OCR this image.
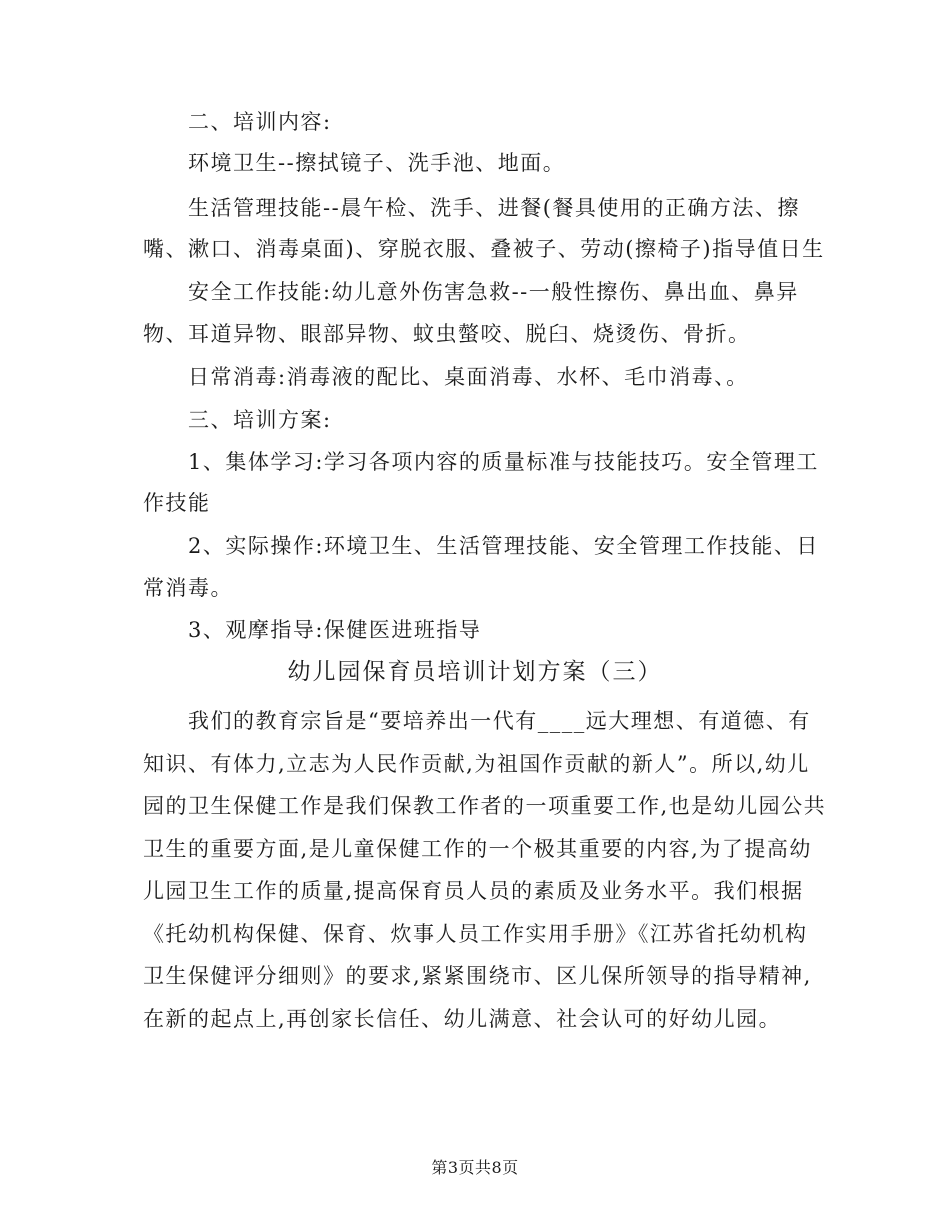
二、培训内容:
环境卫生--擦拭镜子、洗手池、地面。
生活管理技能--晨午检、洗手、进餐(餐具使用的正确方法、擦
嘴、漱口、消毒桌面)、穿脱衣服、叠被子、劳动(擦椅子)指导值日生
安全工作技能:幼儿意外伤害急救--一般性擦伤、鼻出血、鼻异
物、耳道异物、眼部异物、蚊虫螫咬、脱臼、烧烫伤、骨折。
日常消毒:消毒液的配比、桌面消毒、水杯、毛巾消毒、。
三、培训方案:
1、集体学习:学习各项内容的质量标准与技能技巧。安全管理工
作技能
2、实际操作:环境卫生、生活管理技能、安全管理工作技能、日
常消毒。
3、观摩指导:保健医进班指导
幼儿园保育员培训计划方案（三）
我们的教育宗旨是“要培养出一代有____远大理想、有道德、有
知识、有体力,立志为人民作贡献,为祖国作贡献的新人”。所以,幼儿
园的卫生保健工作是我们保教工作者的一项重要工作,也是幼儿园公共
卫生的重要方面,是儿童保健工作的一个极其重要的内容,为了提高幼
儿园卫生工作的质量,提高保育员人员的素质及业务水平。我们根据
《托幼机构保健、保育、炊事人员工作实用手册》《江苏省托幼机构
卫生保健评分细则》的要求,紧紧围绕市、区儿保所领导的指导精神,
在新的起点上,再创家长信任、幼儿满意、社会认可的好幼儿园。
第3页共8页
